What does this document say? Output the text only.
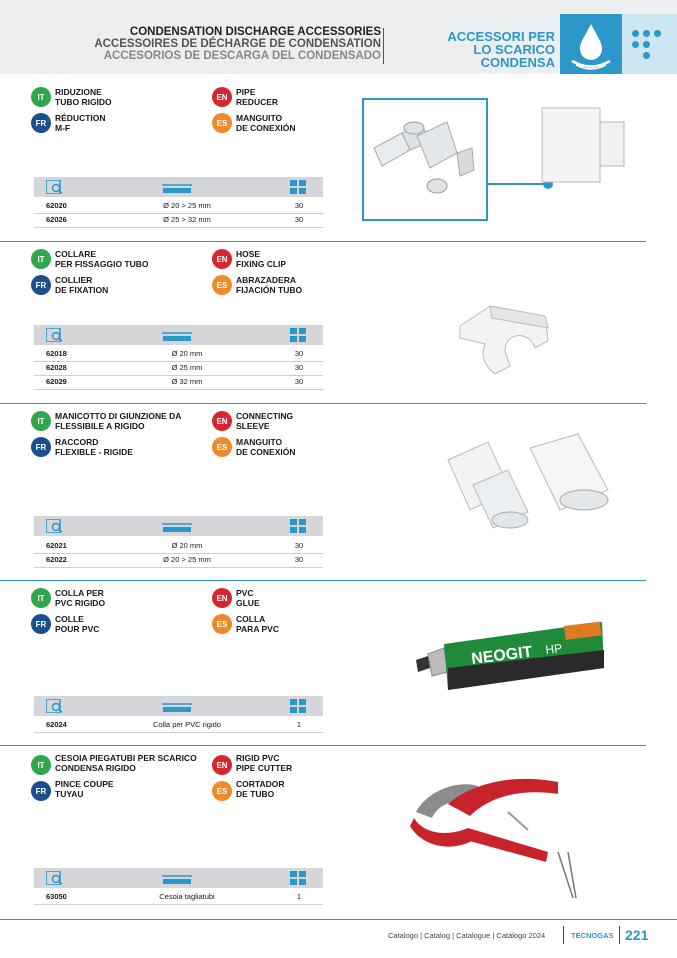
CONDENSATION DISCHARGE ACCESSORIES
ACCESSOIRES DE DÉCHARGE DE CONDENSATION
ACCESORIOS DE DESCARGA DEL CONDENSADO
ACCESSORI PER
LO SCARICO CONDENSA
IT	RIDUZIONE
TUBO RIGIDO
FR	RÉDUCTION
M-F
EN PIPE
REDUCER
ES	MANGUITO
DE CONEXIÓN
62020	Ø 20 > 25 mm	30
62026	Ø 25 > 32 mm	30
IT	COLLARE
PER FISSAGGIO TUBO
FR	COLLIER
DE FIXATION
EN HOSE
FIXING CLIP
ES	ABRAZADERA
FIJACIÓN TUBO
62018	Ø 20 mm	30
62028	Ø 25 mm	30
62029	Ø 32 mm	30
IT	MANICOTTO DI GIUNZIONE DA
FLESSIBILE A RIGIDO
FR	RACCORD
FLEXIBLE - RIGIDE
EN CONNECTING
SLEEVE
ES	MANGUITO
DE CONEXIÓN
62021	Ø 20 mm	30
62022	Ø 20 > 25 mm	30
IT	COLLA PER
PVC RIGIDO
FR	COLLE
POUR PVC
EN PVC
GLUE
ES	COLLA
PARA PVC
62024	Colla per PVC rigido	1
NEOGIT HP
IT
CESOIA PIEGATUBI PER SCARICO
CONDENSA RIGIDO
FR
PINCE COUPE
TUYAU
EN
RIGID PVC
PIPE CUTTER
ES
CORTADOR
DE TUBO
63050	Cesoia tagliatubi	1
Catalogo | Catalog | Catalogue | Catálogo 2024	TECNOGAS 221
